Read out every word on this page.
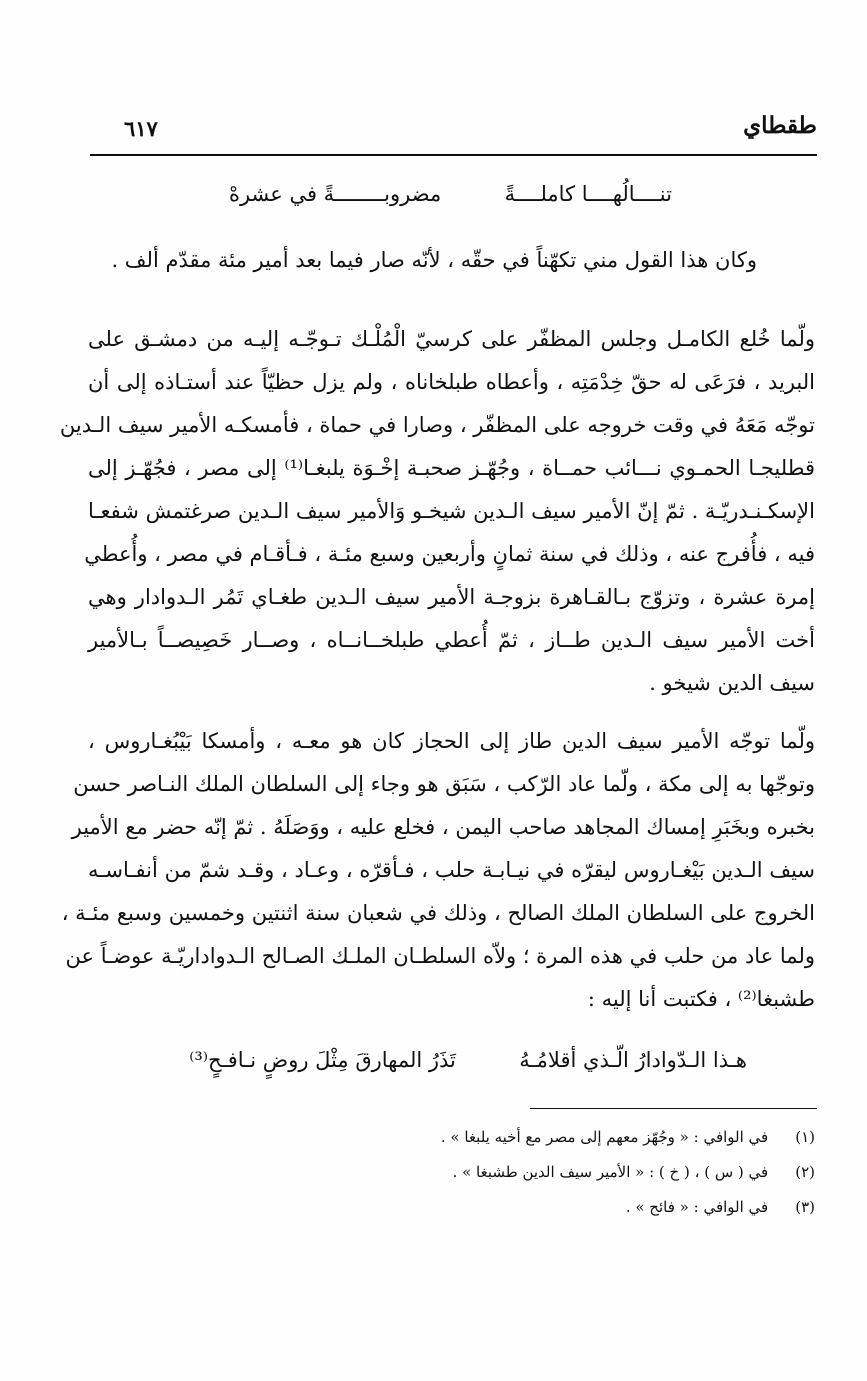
طقطاي
٦١٧
تنــــالُهــــا كاملــــةً  مضروبــــــــةً في عشرهْ
وكان هذا القول مني تكهّناً في حقّه ، لأنّه صار فيما بعد أمير مئة مقدّم ألف .
ولّما خُلع الكامـل وجلس المظفّر على كرسيّ الْمُلْـك تـوجّـه إليـه من دمشـق على
البريد ، فرَعَى له حقّ خِدْمَتِه ، وأعطاه طبلخاناه ، ولم يزل حظيّاً عند أستـاذه إلى أن
توجّه مَعَهُ في وقت خروجه على المظفّر ، وصارا في حماة ، فأمسكـه الأمير سيف الـدين
قطليجـا الحمـوي نـــائب حمــاة ، وجُهّـز صحبـة إخْـوَة يلبغـا⁽¹⁾ إلى مصر ، فجُهّـز إلى
الإسكـنـدريّـة . ثمّ إنّ الأمير سيف الـدين شيخـو وَالأمير سيف الـدين صرغتمش شفعـا
فيه ، فأُفرج عنه ، وذلك في سنة ثمانٍ وأربعين وسبع مئـة ، فـأقـام في مصر ، وأُعطي
إمرة عشرة ، وتزوّج بـالقـاهرة بزوجـة الأمير سيف الـدين طغـاي تَمُر الـدوادار وهي
أخت الأمير سيف الـدين طــاز ، ثمّ أُعطي طبلخــانــاه ، وصــار خَصِيصــاً بـالأمير
سيف الدين شيخو .
ولّما توجّه الأمير سيف الدين طاز إلى الحجاز كان هو معـه ، وأمسكا بَيْبُغـاروس ،
وتوجّها به إلى مكة ، ولّما عاد الرّكب ، سَبَق هو وجاء إلى السلطان الملك النـاصر حسن
بخبره وبخَبَرِ إمساك المجاهد صاحب اليمن ، فخلع عليه ، ووَصَلَهُ . ثمّ إنّه حضر مع الأمير
سيف الـدين بَيْغـاروس ليقرّه في نيـابـة حلب ، فـأقرّه ، وعـاد ، وقـد شمّ من أنفـاسـه
الخروج على السلطان الملك الصالح ، وذلك في شعبان سنة اثنتين وخمسين وسبع مئـة ،
ولما عاد من حلب في هذه المرة ؛ ولاّه السلطـان الملـك الصـالح الـدواداريّـة عوضـاً عن
طشبغا⁽²⁾ ، فكتبت أنا إليه :
هـذا الـدّوادارُ الّـذي أقلامُـهُ  تَذَرُ المهارقَ مِثْلَ روضٍ نـافـحٍ⁽³⁾
(١) في الوافي : « وجُهّز معهم إلى مصر مع أخيه يلبغا » .
(٢) في ( س ) ، ( خ ) : « الأمير سيف الدين طشبغا » .
(٣) في الوافي : « فائح » .
